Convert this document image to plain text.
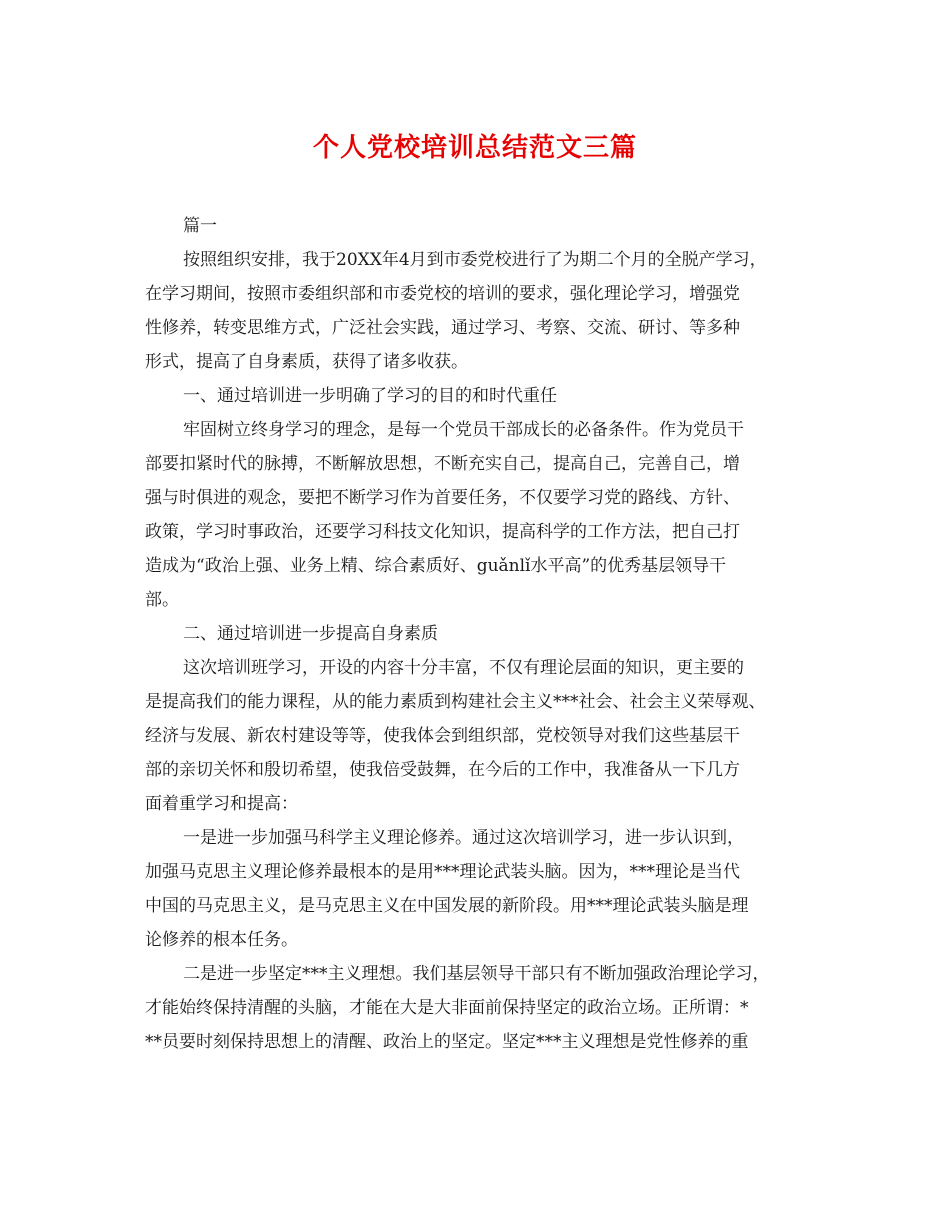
个人党校培训总结范文三篇
篇一
按照组织安排，我于20XX年4月到市委党校进行了为期二个月的全脱产学习，
在学习期间，按照市委组织部和市委党校的培训的要求，强化理论学习，增强党
性修养，转变思维方式，广泛社会实践，通过学习、考察、交流、研讨、等多种
形式，提高了自身素质，获得了诸多收获。
一、通过培训进一步明确了学习的目的和时代重任
牢固树立终身学习的理念，是每一个党员干部成长的必备条件。作为党员干
部要扣紧时代的脉搏，不断解放思想，不断充实自己，提高自己，完善自己，增
强与时俱进的观念，要把不断学习作为首要任务，不仅要学习党的路线、方针、
政策，学习时事政治，还要学习科技文化知识，提高科学的工作方法，把自己打
造成为“政治上强、业务上精、综合素质好、guǎnlǐ水平高”的优秀基层领导干
部。
二、通过培训进一步提高自身素质
这次培训班学习，开设的内容十分丰富，不仅有理论层面的知识，更主要的
是提高我们的能力课程，从的能力素质到构建社会主义***社会、社会主义荣辱观、
经济与发展、新农村建设等等，使我体会到组织部，党校领导对我们这些基层干
部的亲切关怀和殷切希望，使我倍受鼓舞，在今后的工作中，我准备从一下几方
面着重学习和提高：
一是进一步加强马科学主义理论修养。通过这次培训学习，进一步认识到，
加强马克思主义理论修养最根本的是用***理论武装头脑。因为，***理论是当代
中国的马克思主义，是马克思主义在中国发展的新阶段。用***理论武装头脑是理
论修养的根本任务。
二是进一步坚定***主义理想。我们基层领导干部只有不断加强政治理论学习，
才能始终保持清醒的头脑，才能在大是大非面前保持坚定的政治立场。正所谓：*
**员要时刻保持思想上的清醒、政治上的坚定。坚定***主义理想是党性修养的重
